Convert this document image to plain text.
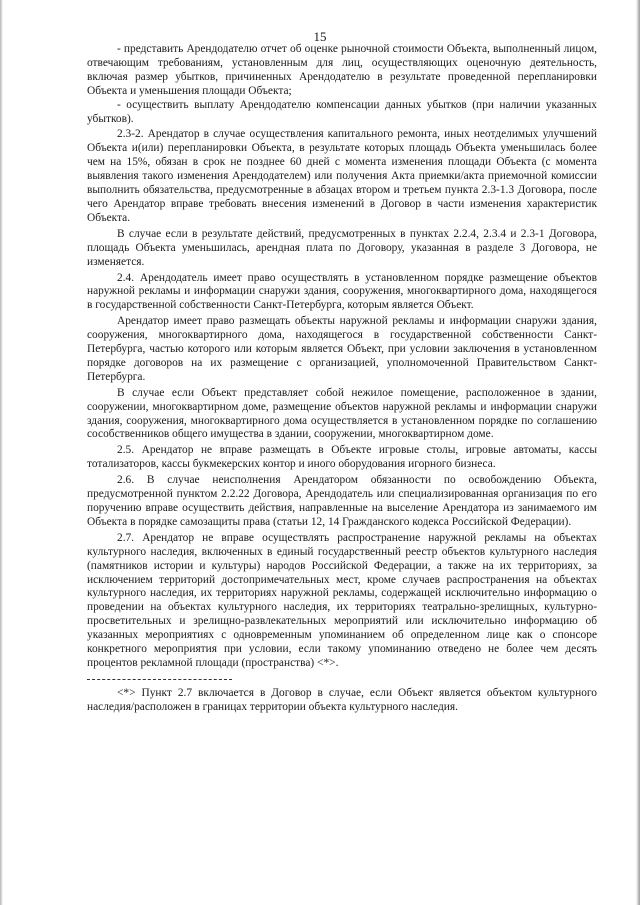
15

- представить Арендодателю отчет об оценке рыночной стоимости Объекта, выполненный лицом, отвечающим требованиям, установленным для лиц, осуществляющих оценочную деятельность, включая размер убытков, причиненных Арендодателю в результате проведенной перепланировки Объекта и уменьшения площади Объекта;

- осуществить выплату Арендодателю компенсации данных убытков (при наличии указанных убытков).

2.3-2. Арендатор в случае осуществления капитального ремонта, иных неотделимых улучшений Объекта и(или) перепланировки Объекта, в результате которых площадь Объекта уменьшилась более чем на 15%, обязан в срок не позднее 60 дней с момента изменения площади Объекта (с момента выявления такого изменения Арендодателем) или получения Акта приемки/акта приемочной комиссии выполнить обязательства, предусмотренные в абзацах втором и третьем пункта 2.3-1.3 Договора, после чего Арендатор вправе требовать внесения изменений в Договор в части изменения характеристик Объекта.

В случае если в результате действий, предусмотренных в пунктах 2.2.4, 2.3.4 и 2.3-1 Договора, площадь Объекта уменьшилась, арендная плата по Договору, указанная в разделе 3 Договора, не изменяется.

2.4. Арендодатель имеет право осуществлять в установленном порядке размещение объектов наружной рекламы и информации снаружи здания, сооружения, многоквартирного дома, находящегося в государственной собственности Санкт-Петербурга, которым является Объект.

Арендатор имеет право размещать объекты наружной рекламы и информации снаружи здания, сооружения, многоквартирного дома, находящегося в государственной собственности Санкт-Петербурга, частью которого или которым является Объект, при условии заключения в установленном порядке договоров на их размещение с организацией, уполномоченной Правительством Санкт-Петербурга.

В случае если Объект представляет собой нежилое помещение, расположенное в здании, сооружении, многоквартирном доме, размещение объектов наружной рекламы и информации снаружи здания, сооружения, многоквартирного дома осуществляется в установленном порядке по соглашению сособственников общего имущества в здании, сооружении, многоквартирном доме.

2.5. Арендатор не вправе размещать в Объекте игровые столы, игровые автоматы, кассы тотализаторов, кассы букмекерских контор и иного оборудования игорного бизнеса.

2.6. В случае неисполнения Арендатором обязанности по освобождению Объекта, предусмотренной пунктом 2.2.22 Договора, Арендодатель или специализированная организация по его поручению вправе осуществить действия, направленные на выселение Арендатора из занимаемого им Объекта в порядке самозащиты права (статьи 12, 14 Гражданского кодекса Российской Федерации).

2.7. Арендатор не вправе осуществлять распространение наружной рекламы на объектах культурного наследия, включенных в единый государственный реестр объектов культурного наследия (памятников истории и культуры) народов Российской Федерации, а также на их территориях, за исключением территорий достопримечательных мест, кроме случаев распространения на объектах культурного наследия, их территориях наружной рекламы, содержащей исключительно информацию о проведении на объектах культурного наследия, их территориях театрально-зрелищных, культурно-просветительных и зрелищно-развлекательных мероприятий или исключительно информацию об указанных мероприятиях с одновременным упоминанием об определенном лице как о спонсоре конкретного мероприятия при условии, если такому упоминанию отведено не более чем десять процентов рекламной площади (пространства) <*>.

<*> Пункт 2.7 включается в Договор в случае, если Объект является объектом культурного наследия/расположен в границах территории объекта культурного наследия.
